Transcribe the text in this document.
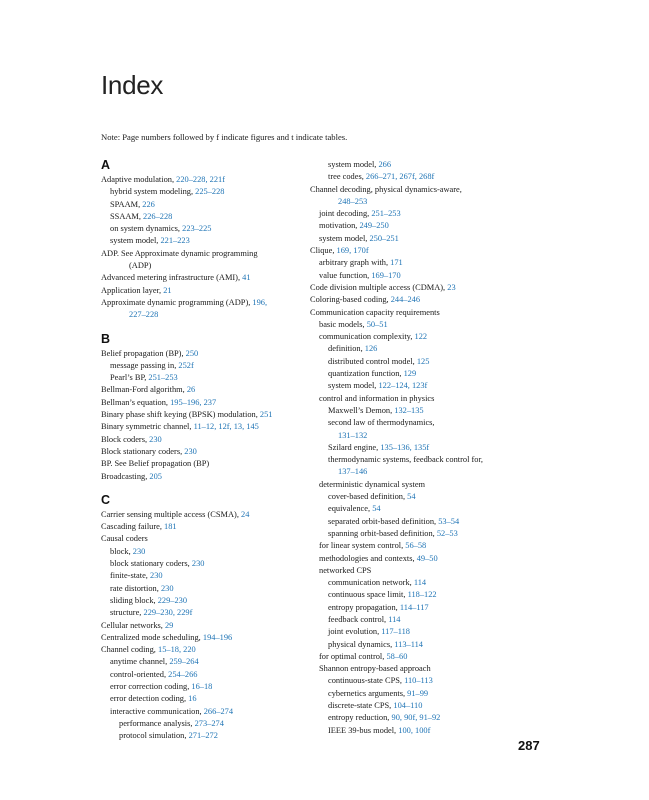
Index
Note: Page numbers followed by f indicate figures and t indicate tables.
A
Adaptive modulation, 220–228, 221f
hybrid system modeling, 225–228
SPAAM, 226
SSAAM, 226–228
on system dynamics, 223–225
system model, 221–223
ADP. See Approximate dynamic programming
(ADP)
Advanced metering infrastructure (AMI), 41
Application layer, 21
Approximate dynamic programming (ADP), 196,
227–228
B
Belief propagation (BP), 250
message passing in, 252f
Pearl’s BP, 251–253
Bellman-Ford algorithm, 26
Bellman’s equation, 195–196, 237
Binary phase shift keying (BPSK) modulation, 251
Binary symmetric channel, 11–12, 12f, 13, 145
Block coders, 230
Block stationary coders, 230
BP. See Belief propagation (BP)
Broadcasting, 205
C
Carrier sensing multiple access (CSMA), 24
Cascading failure, 181
Causal coders
block, 230
block stationary coders, 230
finite-state, 230
rate distortion, 230
sliding block, 229–230
structure, 229–230, 229f
Cellular networks, 29
Centralized mode scheduling, 194–196
Channel coding, 15–18, 220
anytime channel, 259–264
control-oriented, 254–266
error correction coding, 16–18
error detection coding, 16
interactive communication, 266–274
performance analysis, 273–274
protocol simulation, 271–272
system model, 266
tree codes, 266–271, 267f, 268f
Channel decoding, physical dynamics-aware,
248–253
joint decoding, 251–253
motivation, 249–250
system model, 250–251
Clique, 169, 170f
arbitrary graph with, 171
value function, 169–170
Code division multiple access (CDMA), 23
Coloring-based coding, 244–246
Communication capacity requirements
basic models, 50–51
communication complexity, 122
definition, 126
distributed control model, 125
quantization function, 129
system model, 122–124, 123f
control and information in physics
Maxwell’s Demon, 132–135
second law of thermodynamics,
131–132
Szilard engine, 135–136, 135f
thermodynamic systems, feedback control for,
137–146
deterministic dynamical system
cover-based definition, 54
equivalence, 54
separated orbit-based definition, 53–54
spanning orbit-based definition, 52–53
for linear system control, 56–58
methodologies and contexts, 49–50
networked CPS
communication network, 114
continuous space limit, 118–122
entropy propagation, 114–117
feedback control, 114
joint evolution, 117–118
physical dynamics, 113–114
for optimal control, 58–60
Shannon entropy-based approach
continuous-state CPS, 110–113
cybernetics arguments, 91–99
discrete-state CPS, 104–110
entropy reduction, 90, 90f, 91–92
IEEE 39-bus model, 100, 100f
287
